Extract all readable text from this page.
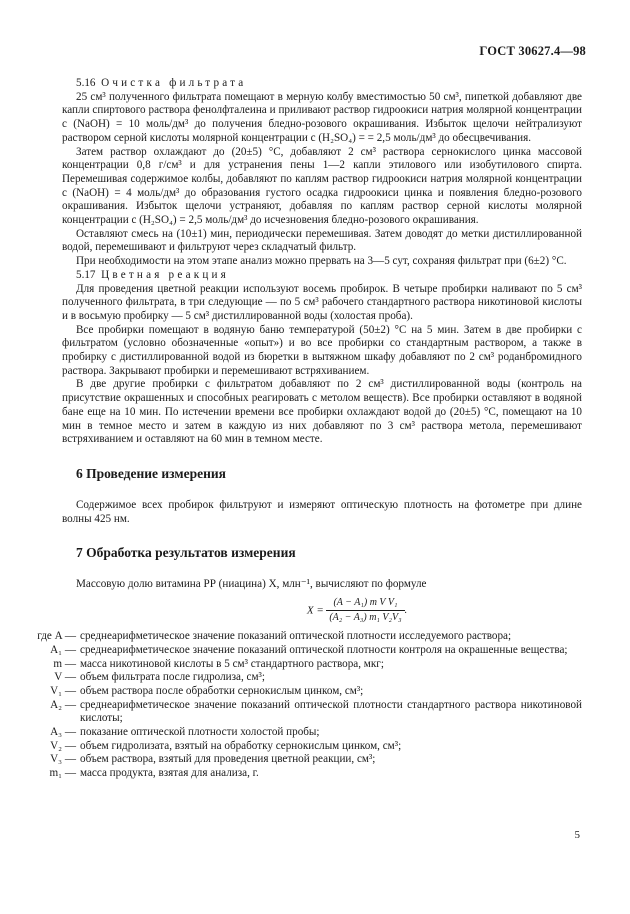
ГОСТ 30627.4—98

5.16 Очистка фильтрата

25 см³ полученного фильтрата помещают в мерную колбу вместимостью 50 см³, пипеткой добавляют две капли спиртового раствора фенолфталеина и приливают раствор гидроокиси натрия молярной концентрации c (NaOH) = 10 моль/дм³ до получения бледно-розового окрашивания. Избыток щелочи нейтрализуют раствором серной кислоты молярной концентрации c (H₂SO₄) = = 2,5 моль/дм³ до обесцвечивания.

Затем раствор охлаждают до (20±5) °С, добавляют 2 см³ раствора сернокислого цинка массовой концентрации 0,8 г/см³ и для устранения пены 1—2 капли этилового или изобутилового спирта. Перемешивая содержимое колбы, добавляют по каплям раствор гидроокиси натрия молярной концентрации c (NaOH) = 4 моль/дм³ до образования густого осадка гидроокиси цинка и появления бледно-розового окрашивания. Избыток щелочи устраняют, добавляя по каплям раствор серной кислоты молярной концентрации c (H₂SO₄) = 2,5 моль/дм³ до исчезновения бледно-розового окрашивания.

Оставляют смесь на (10±1) мин, периодически перемешивая. Затем доводят до метки дистиллированной водой, перемешивают и фильтруют через складчатый фильтр.

При необходимости на этом этапе анализ можно прервать на 3—5 сут, сохраняя фильтрат при (6±2) °С.

5.17 Цветная реакция

Для проведения цветной реакции используют восемь пробирок. В четыре пробирки наливают по 5 см³ полученного фильтрата, в три следующие — по 5 см³ рабочего стандартного раствора никотиновой кислоты и в восьмую пробирку — 5 см³ дистиллированной воды (холостая проба).

Все пробирки помещают в водяную баню температурой (50±2) °С на 5 мин. Затем в две пробирки с фильтратом (условно обозначенные «опыт») и во все пробирки со стандартным раствором, а также в пробирку с дистиллированной водой из бюретки в вытяжном шкафу добавляют по 2 см³ роданбромидного раствора. Закрывают пробирки и перемешивают встряхиванием.

В две другие пробирки с фильтратом добавляют по 2 см³ дистиллированной воды (контроль на присутствие окрашенных и способных реагировать с метолом веществ). Все пробирки оставляют в водяной бане еще на 10 мин. По истечении времени все пробирки охлаждают водой до (20±5) °С, помещают на 10 мин в темное место и затем в каждую из них добавляют по 3 см³ раствора метола, перемешивают встряхиванием и оставляют на 60 мин в темном месте.

6 Проведение измерения

Содержимое всех пробирок фильтруют и измеряют оптическую плотность на фотометре при длине волны 425 нм.

7 Обработка результатов измерения

Массовую долю витамина РР (ниацина) X, млн⁻¹, вычисляют по формуле

$X = \frac{\text{(A − A₁) m V V₁}}{\text{(A₂ − A₃) m₁ V₂V₃}}$ .
где A — среднеарифметическое значение показаний оптической плотности исследуемого раствора;
A₁ — среднеарифметическое значение показаний оптической плотности контроля на окрашенные вещества;
m — масса никотиновой кислоты в 5 см³ стандартного раствора, мкг;
V — объем фильтрата после гидролиза, см³;
V₁ — объем раствора после обработки сернокислым цинком, см³;
A₂ — среднеарифметическое значение показаний оптической плотности стандартного раствора никотиновой кислоты;
A₃ — показание оптической плотности холостой пробы;
V₂ — объем гидролизата, взятый на обработку сернокислым цинком, см³;
V₃ — объем раствора, взятый для проведения цветной реакции, см³;
m₁ — масса продукта, взятая для анализа, г.
5
